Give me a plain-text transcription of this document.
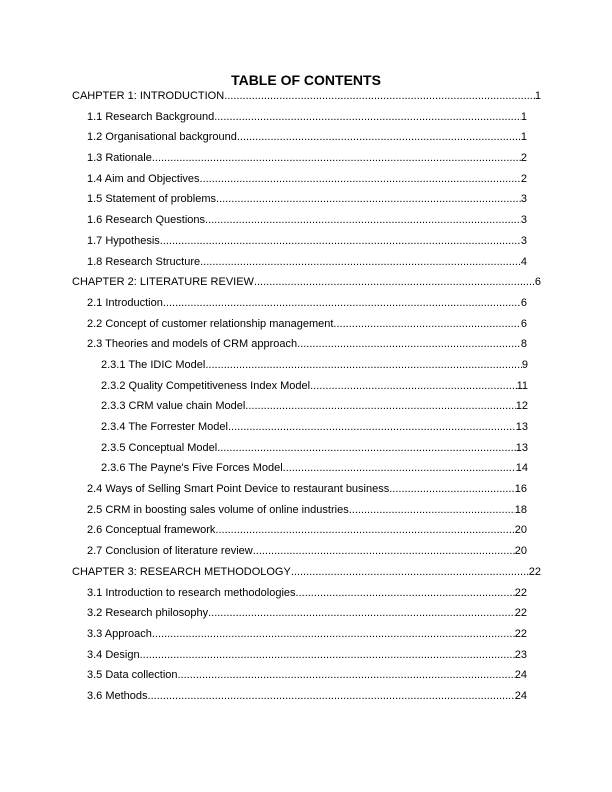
TABLE OF CONTENTS
CAHPTER 1: INTRODUCTION .....	1
1.1 Research Background .....	1
1.2 Organisational background .....	1
1.3 Rationale .....	2
1.4 Aim and Objectives .....	2
1.5 Statement of problems .....	3
1.6 Research Questions .....	3
1.7 Hypothesis .....	3
1.8 Research Structure .....	4
CHAPTER 2: LITERATURE REVIEW .....	6
2.1 Introduction .....	6
2.2 Concept of customer relationship management .....	6
2.3 Theories and models of CRM approach .....	8
2.3.1 The IDIC Model .....	9
2.3.2 Quality Competitiveness Index Model .....	11
2.3.3 CRM value chain Model .....	12
2.3.4 The Forrester Model .....	13
2.3.5 Conceptual Model .....	13
2.3.6 The Payne's Five Forces Model .....	14
2.4 Ways of Selling Smart Point Device to restaurant business .....	16
2.5 CRM in boosting sales volume of online industries .....	18
2.6 Conceptual framework .....	20
2.7 Conclusion of literature review .....	20
CHAPTER 3: RESEARCH METHODOLOGY .....	22
3.1 Introduction to research methodologies .....	22
3.2 Research philosophy .....	22
3.3 Approach .....	22
3.4 Design .....	23
3.5 Data collection .....	24
3.6 Methods .....	24
